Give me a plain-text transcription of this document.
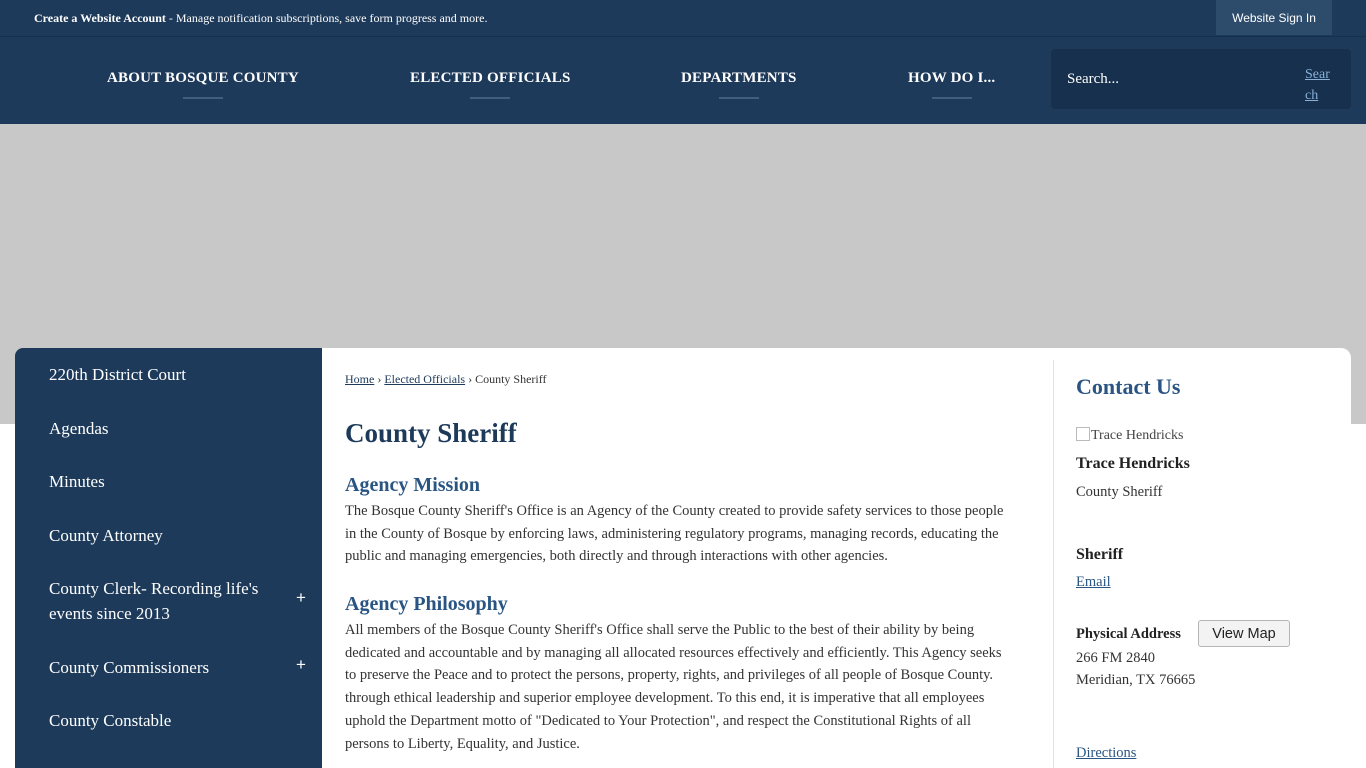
Create a Website Account - Manage notification subscriptions, save form progress and more.	Website Sign In
ABOUT BOSQUE COUNTY	ELECTED OFFICIALS	DEPARTMENTS	HOW DO I...
Search...	Search
220th District Court
Agendas
Minutes
County Attorney
County Clerk- Recording life's events since 2013
+
County Commissioners	+
County Constable
Home › Elected Officials › County Sheriff
County Sheriff
Agency Mission

The Bosque County Sheriff's Office is an Agency of the County created to provide safety services to those people in the County of Bosque by enforcing laws, administering regulatory programs, managing records, educating the public and managing emergencies, both directly and through interactions with other agencies.

Agency Philosophy

All members of the Bosque County Sheriff's Office shall serve the Public to the best of their ability by being dedicated and accountable and by managing all allocated resources effectively and efficiently. This Agency seeks to preserve the Peace and to protect the persons, property, rights, and privileges of all people of Bosque County. through ethical leadership and superior employee development. To this end, it is imperative that all employees uphold the Department motto of "Dedicated to Your Protection", and respect the Constitutional Rights of all persons to Liberty, Equality, and Justice.

Contact Us
Trace Hendricks
Trace Hendricks
County Sheriff
Sheriff
Email
Physical Address	View Map
266 FM 2840
Meridian, TX 76665
Directions
